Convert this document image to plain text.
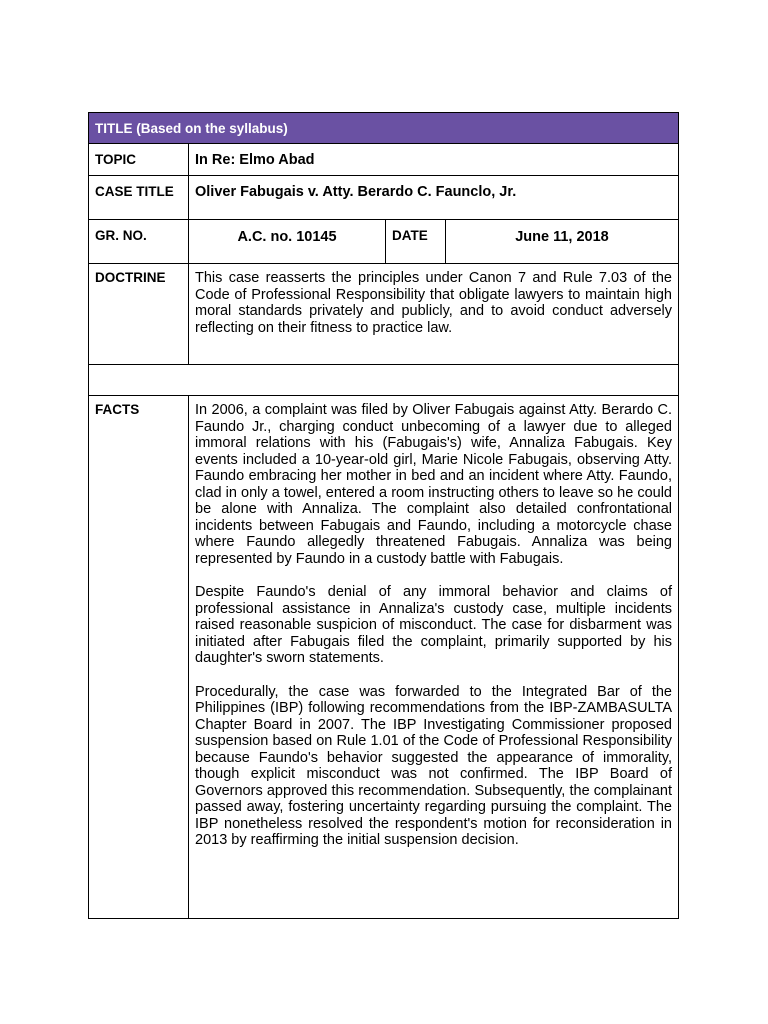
TITLE (Based on the syllabus)
TOPIC	In Re: Elmo Abad
CASE TITLE	Oliver Fabugais v. Atty. Berardo C. Faunclо, Jr.
GR. NO.	A.C. no. 10145	DATE	June 11, 2018
DOCTRINE	This case reasserts the principles under Canon 7 and Rule 7.03 of the Code of Professional Responsibility that obligate lawyers to maintain high moral standards privately and publicly, and to avoid conduct adversely reflecting on their fitness to practice law.
FACTS	In 2006, a complaint was filed by Oliver Fabugais against Atty. Berardo C. Faundo Jr., charging conduct unbecoming of a lawyer due to alleged immoral relations with his (Fabugais's) wife, Annaliza Fabugais. Key events included a 10-year-old girl, Marie Nicole Fabugais, observing Atty. Faundo embracing her mother in bed and an incident where Atty. Faundo, clad in only a towel, entered a room instructing others to leave so he could be alone with Annaliza. The complaint also detailed confrontational incidents between Fabugais and Faundo, including a motorcycle chase where Faundo allegedly threatened Fabugais. Annaliza was being represented by Faundo in a custody battle with Fabugais.

Despite Faundo's denial of any immoral behavior and claims of professional assistance in Annaliza's custody case, multiple incidents raised reasonable suspicion of misconduct. The case for disbarment was initiated after Fabugais filed the complaint, primarily supported by his daughter's sworn statements.

Procedurally, the case was forwarded to the Integrated Bar of the Philippines (IBP) following recommendations from the IBP-ZAMBASULTA Chapter Board in 2007. The IBP Investigating Commissioner proposed suspension based on Rule 1.01 of the Code of Professional Responsibility because Faundo's behavior suggested the appearance of immorality, though explicit misconduct was not confirmed. The IBP Board of Governors approved this recommendation. Subsequently, the complainant passed away, fostering uncertainty regarding pursuing the complaint. The IBP nonetheless resolved the respondent's motion for reconsideration in 2013 by reaffirming the initial suspension decision.
